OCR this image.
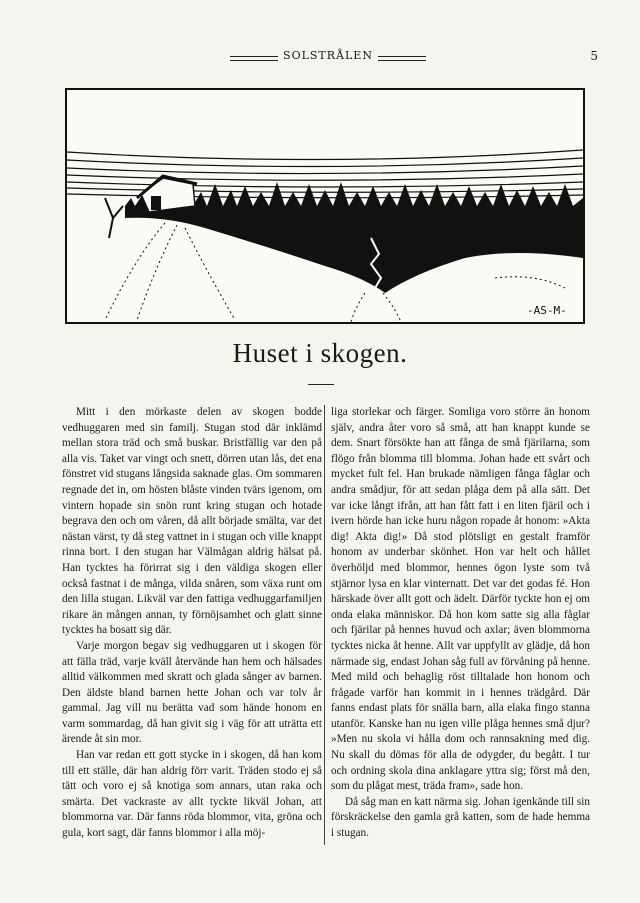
SOLSTRÅLEN	5
-AS-M-
Huset i skogen.

Mitt i den mörkaste delen av skogen bodde vedhuggaren med sin familj. Stugan stod där inklämd mellan stora träd och små buskar. Bristfällig var den på alla vis. Taket var vingt och snett, dörren utan lås, det ena fönstret vid stugans långsida saknade glas. Om sommaren regnade det in, om hösten blåste vinden tvärs igenom, om vintern hopade sin snön runt kring stugan och hotade begrava den och om våren, då allt började smälta, var det nästan värst, ty då steg vattnet in i stugan och ville knappt rinna bort. I den stugan har Välmågan aldrig hälsat på. Han tycktes ha förirrat sig i den väldiga skogen eller också fastnat i de många, vilda snåren, som växa runt om den lilla stugan. Likväl var den fattiga vedhuggarfamiljen rikare än mången annan, ty förnöjsamhet och glatt sinne tycktes ha bosatt sig där.

Varje morgon begav sig vedhuggaren ut i skogen för att fälla träd, varje kväll återvände han hem och hälsades alltid välkommen med skratt och glada sånger av barnen. Den äldste bland barnen hette Johan och var tolv år gammal. Jag vill nu berätta vad som hände honom en varm sommardag, då han givit sig i väg för att uträtta ett ärende åt sin mor.

Han var redan ett gott stycke in i skogen, då han kom till ett ställe, där han aldrig förr varit. Träden stodo ej så tätt och voro ej så knotiga som annars, utan raka och smärta. Det vackraste av allt tyckte likväl Johan, att blommorna var. Där fanns röda blommor, vita, gröna och gula, kort sagt, där fanns blommor i alla möj-

liga storlekar och färger. Somliga voro större än honom själv, andra åter voro så små, att han knappt kunde se dem. Snart försökte han att fånga de små fjärilarna, som flögo från blomma till blomma. Johan hade ett svårt och mycket fult fel. Han brukade nämligen fånga fåglar och andra smådjur, för att sedan plåga dem på alla sätt. Det var icke långt ifrån, att han fått fatt i en liten fjäril och i ivern hörde han icke huru någon ropade åt honom: »Akta dig! Akta dig!» Då stod plötsligt en gestalt framför honom av underbar skönhet. Hon var helt och hållet överhöljd med blommor, hennes ögon lyste som två stjärnor lysa en klar vinternatt. Det var det godas fé. Hon härskade över allt gott och ädelt. Därför tyckte hon ej om onda elaka människor. Då hon kom satte sig alla fåglar och fjärilar på hennes huvud och axlar; även blommorna tycktes nicka åt henne. Allt var uppfyllt av glädje, då hon närmade sig, endast Johan såg full av förvåning på henne. Med mild och behaglig röst tilltalade hon honom och frågade varför han kommit in i hennes trädgård. Där fanns endast plats för snälla barn, alla elaka fingo stanna utanför. Kanske han nu igen ville plåga hennes små djur? »Men nu skola vi hålla dom och rannsakning med dig. Nu skall du dömas för alla de odygder, du begått. I tur och ordning skola dina anklagare yttra sig; först må den, som du plågat mest, träda fram», sade hon.

Då såg man en katt närma sig. Johan igenkände till sin förskräckelse den gamla grå katten, som de hade hemma i stugan.
